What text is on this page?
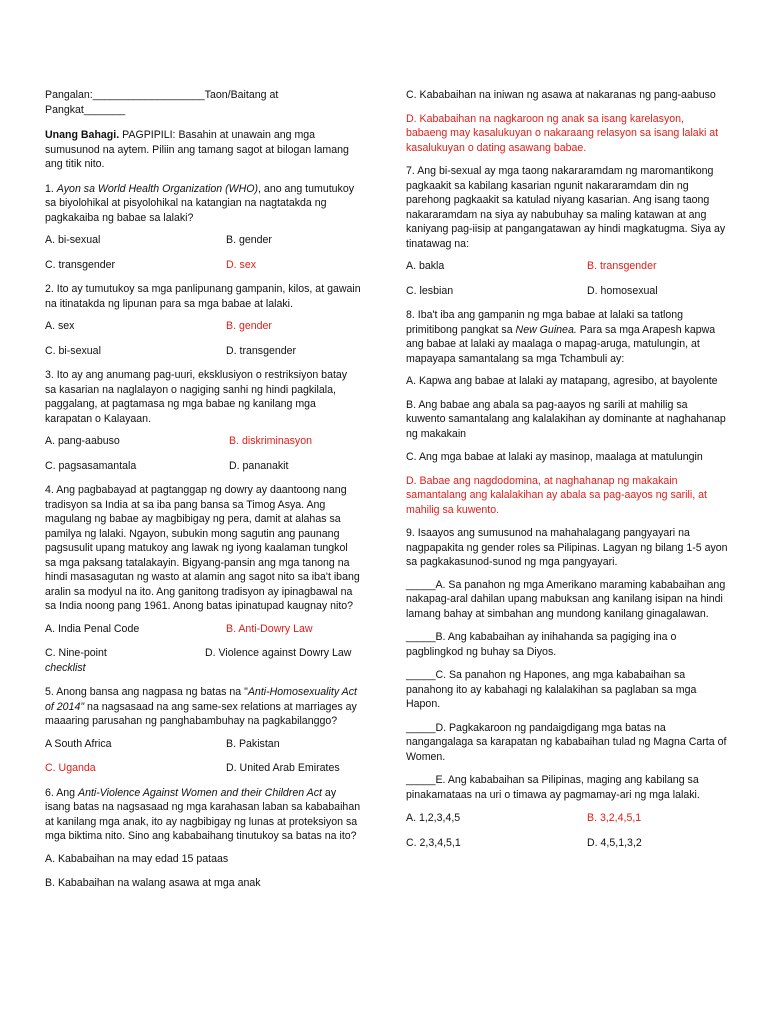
Pangalan:___________________Taon/Baitang at Pangkat_______

Unang Bahagi. PAGPIPILI: Basahin at unawain ang mga sumusunod na aytem. Piliin ang tamang sagot at bilogan lamang ang titik nito.

1. Ayon sa World Health Organization (WHO), ano ang tumutukoy sa biyolohikal at pisyolohikal na katangian na nagtatakda ng pagkakaiba ng babae sa lalaki?

A. bi-sexual	B. gender
C. transgender	D. sex

2. Ito ay tumutukoy sa mga panlipunang gampanin, kilos, at gawain na itinatakda ng lipunan para sa mga babae at lalaki.

A. sex	B. gender
C. bi-sexual	D. transgender

3. Ito ay ang anumang pag-uuri, eksklusiyon o restriksiyon batay sa kasarian na naglalayon o nagiging sanhi ng hindi pagkilala, paggalang, at pagtamasa ng mga babae ng kanilang mga karapatan o Kalayaan.

A. pang-aabuso	B. diskriminasyon
C. pagsasamantala	D. pananakit

4. Ang pagbabayad at pagtanggap ng dowry ay daantoong nang tradisyon sa India at sa iba pang bansa sa Timog Asya. Ang magulang ng babae ay magbibigay ng pera, damit at alahas sa pamilya ng lalaki. Ngayon, subukin mong sagutin ang paunang pagsusulit upang matukoy ang lawak ng iyong kaalaman tungkol sa mga paksang tatalakayin. Bigyang-pansin ang mga tanong na hindi masasagutan ng wasto at alamin ang sagot nito sa iba't ibang aralin sa modyul na ito. Ang ganitong tradisyon ay ipinagbawal na sa India noong pang 1961. Anong batas ipinatupad kaugnay nito?

A. India Penal Code	B. Anti-Dowry Law
C. Nine-point
checklist
D. Violence against Dowry Law

5. Anong bansa ang nagpasa ng batas na "Anti-Homosexuality Act of 2014" na nagsasaad na ang same-sex relations at marriages ay maaaring parusahan ng panghabambuhay na pagkabilanggo?

A South Africa	B. Pakistan
C. Uganda	D. United Arab Emirates

6. Ang Anti-Violence Against Women and their Children Act ay isang batas na nagsasaad ng mga karahasan laban sa kababaihan at kanilang mga anak, ito ay nagbibigay ng lunas at proteksiyon sa mga biktima nito. Sino ang kababaihang tinutukoy sa batas na ito?

A. Kababaihan na may edad 15 pataas

B. Kababaihan na walang asawa at mga anak

C. Kababaihan na iniwan ng asawa at nakaranas ng pang-aabuso

D. Kababaihan na nagkaroon ng anak sa isang karelasyon, babaeng may kasalukuyan o nakaraang relasyon sa isang lalaki at kasalukuyan o dating asawang babae.

7. Ang bi-sexual ay mga taong nakararamdam ng maromantikong pagkaakit sa kabilang kasarian ngunit nakararamdam din ng parehong pagkaakit sa katulad niyang kasarian. Ang isang taong nakararamdam na siya ay nabubuhay sa maling katawan at ang kaniyang pag-iisip at pangangatawan ay hindi magkatugma. Siya ay tinatawag na:

A. bakla	B. transgender
C. lesbian	D. homosexual

8. Iba't iba ang gampanin ng mga babae at lalaki sa tatlong primitibong pangkat sa New Guinea. Para sa mga Arapesh kapwa ang babae at lalaki ay maalaga o mapag-aruga, matulungin, at mapayapa samantalang sa mga Tchambuli ay:

A. Kapwa ang babae at lalaki ay matapang, agresibo, at bayolente

B. Ang babae ang abala sa pag-aayos ng sarili at mahilig sa kuwento samantalang ang kalalakihan ay dominante at naghahanap ng makakain

C. Ang mga babae at lalaki ay masinop, maalaga at matulungin

D. Babae ang nagdodomina, at naghahanap ng makakain samantalang ang kalalakihan ay abala sa pag-aayos ng sarili, at mahilig sa kuwento.

9. Isaayos ang sumusunod na mahahalagang pangyayari na nagpapakita ng gender roles sa Pilipinas. Lagyan ng bilang 1-5 ayon sa pagkakasunod-sunod ng mga pangyayari.

_____A. Sa panahon ng mga Amerikano maraming kababaihan ang nakapag-aral dahilan upang mabuksan ang kanilang isipan na hindi lamang bahay at simbahan ang mundong kanilang ginagalawan.

_____B. Ang kababaihan ay inihahanda sa pagiging ina o pagblingkod ng buhay sa Diyos.

_____C. Sa panahon ng Hapones, ang mga kababaihan sa panahong ito ay kabahagi ng kalalakihan sa paglaban sa mga Hapon.

_____D. Pagkakaroon ng pandaigdigang mga batas na nangangalaga sa karapatan ng kababaihan tulad ng Magna Carta of Women.

_____E. Ang kababaihan sa Pilipinas, maging ang kabilang sa pinakamataas na uri o timawa ay pagmamay-ari ng mga lalaki.

A. 1,2,3,4,5	B. 3,2,4,5,1
C. 2,3,4,5,1	D. 4,5,1,3,2
